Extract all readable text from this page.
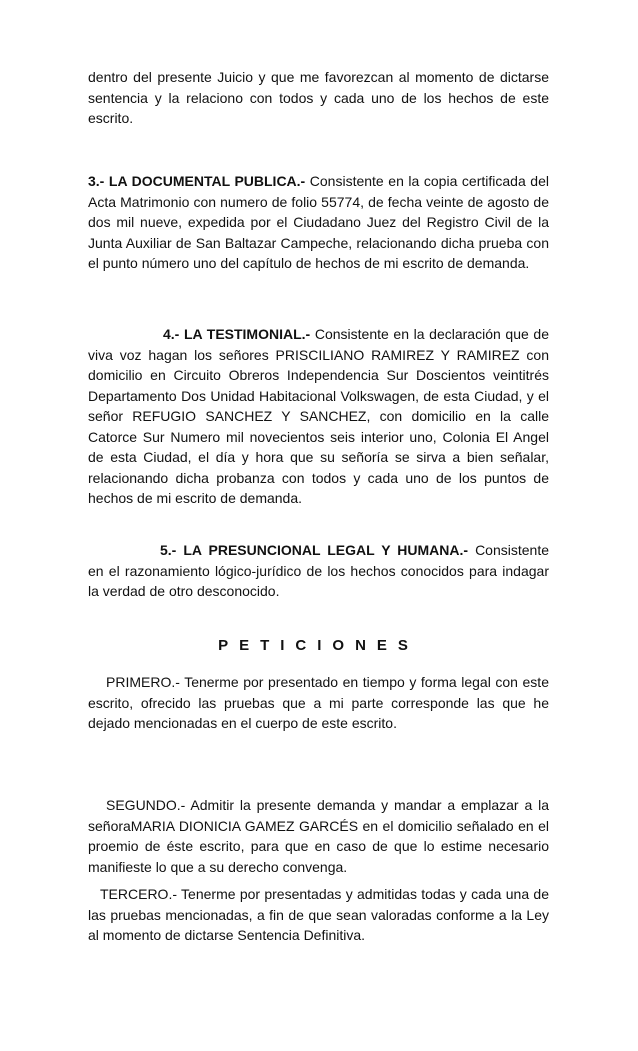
dentro del presente Juicio y que me favorezcan al momento de dictarse sentencia y la relaciono con todos y cada uno de los hechos de este escrito.

3.- LA DOCUMENTAL PUBLICA.- Consistente en la copia certificada del Acta Matrimonio con numero de folio 55774, de fecha veinte de agosto de dos mil nueve, expedida por el Ciudadano Juez del Registro Civil de la Junta Auxiliar de San Baltazar Campeche, relacionando dicha prueba con el punto número uno del capítulo de hechos de mi escrito de demanda.

4.- LA TESTIMONIAL.- Consistente en la declaración que de viva voz hagan los señores PRISCILIANO RAMIREZ Y RAMIREZ con domicilio en Circuito Obreros Independencia Sur Doscientos veintitrés Departamento Dos Unidad Habitacional Volkswagen, de esta Ciudad, y el señor REFUGIO SANCHEZ Y SANCHEZ, con domicilio en la calle Catorce Sur Numero mil novecientos seis interior uno, Colonia El Angel de esta Ciudad, el día y hora que su señoría se sirva a bien señalar, relacionando dicha probanza con todos y cada uno de los puntos de hechos de mi escrito de demanda.

5.- LA PRESUNCIONAL LEGAL Y HUMANA.- Consistente en el razonamiento lógico-jurídico de los hechos conocidos para indagar la verdad de otro desconocido.

PETICIONES

PRIMERO.- Tenerme por presentado en tiempo y forma legal con este escrito, ofrecido las pruebas que a mi parte corresponde las que he dejado mencionadas en el cuerpo de este escrito.

SEGUNDO.- Admitir la presente demanda y mandar a emplazar a la señoraMARIA DIONICIA GAMEZ GARCÉS en el domicilio señalado en el proemio de éste escrito, para que en caso de que lo estime necesario manifieste lo que a su derecho convenga.

TERCERO.- Tenerme por presentadas y admitidas todas y cada una de las pruebas mencionadas, a fin de que sean valoradas conforme a la Ley al momento de dictarse Sentencia Definitiva.
